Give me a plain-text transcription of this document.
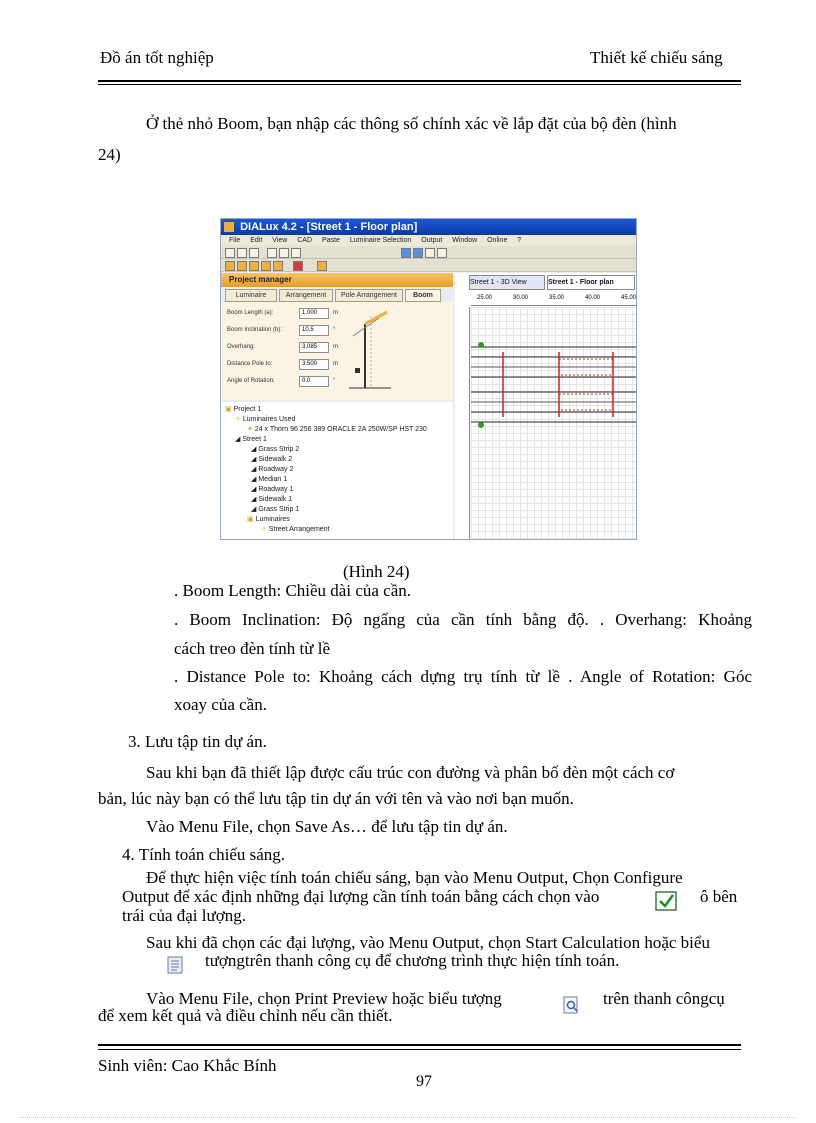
Đồ án tốt nghiệp	Thiết kế chiếu sáng
Ở thẻ nhỏ Boom, bạn nhập các thông số chính xác về lắp đặt của bộ đèn (hình
24)
DIALux 4.2 - [Street 1 - Floor plan]
File Edit View CAD Paste Luminaire Selection Output Window Online ?
Project manager
Luminaire	Arrangement	Pole Arrangement	Boom
Boom Length (a):	1.000	m
Boom Inclination (b):	10.5	°
Overhang:	3.085	m
Distance Pole to:	3.500	m
Angle of Rotation:	0.0	°
▣ Project 1
✧ Luminaires Used
✦ 24 x Thorn 96 256 389 ORACLE 2A 250W/SP HST 230
◢ Street 1
◢ Grass Strip 2
◢ Sidewalk 2
◢ Roadway 2
◢ Median 1
◢ Roadway 1
◢ Sidewalk 1
◢ Grass Strip 1
▣ Luminaires
✧ Street Arrangement
Street 1 - 3D View	Street 1 - Floor plan
25.00	30.00	35.00	40.00	45.00
(Hình 24)
. Boom Length: Chiều dài của cần.
. Boom Inclination: Độ ngẩng của cần tính bằng độ. . Overhang: Khoảng
cách treo đèn tính từ lề
. Distance Pole to: Khoảng cách dựng trụ tính từ lề . Angle of Rotation: Góc
xoay của cần.
3. Lưu tập tin dự án.
Sau khi bạn đã thiết lập được cấu trúc con đường và phân bố đèn một cách cơ
bản, lúc này bạn có thể lưu tập tin dự án với tên và vào nơi bạn muốn.
Vào Menu File, chọn Save As… để lưu tập tin dự án.
4. Tính toán chiếu sáng.
Để thực hiện việc tính toán chiếu sáng, bạn vào Menu Output, Chọn Configure
Output để xác định những đại lượng cần tính toán bằng cách chọn vào	ô bên
trái của đại lượng.
Sau khi đã chọn các đại lượng, vào Menu Output, chọn Start Calculation hoặc biểu
tượngtrên thanh công cụ để chương trình thực hiện tính toán.
Vào Menu File, chọn Print Preview hoặc biểu tượng	trên thanh côngcụ
để xem kết quả và điều chỉnh nếu cần thiết.
Sinh viên: Cao Khắc Bính
97
